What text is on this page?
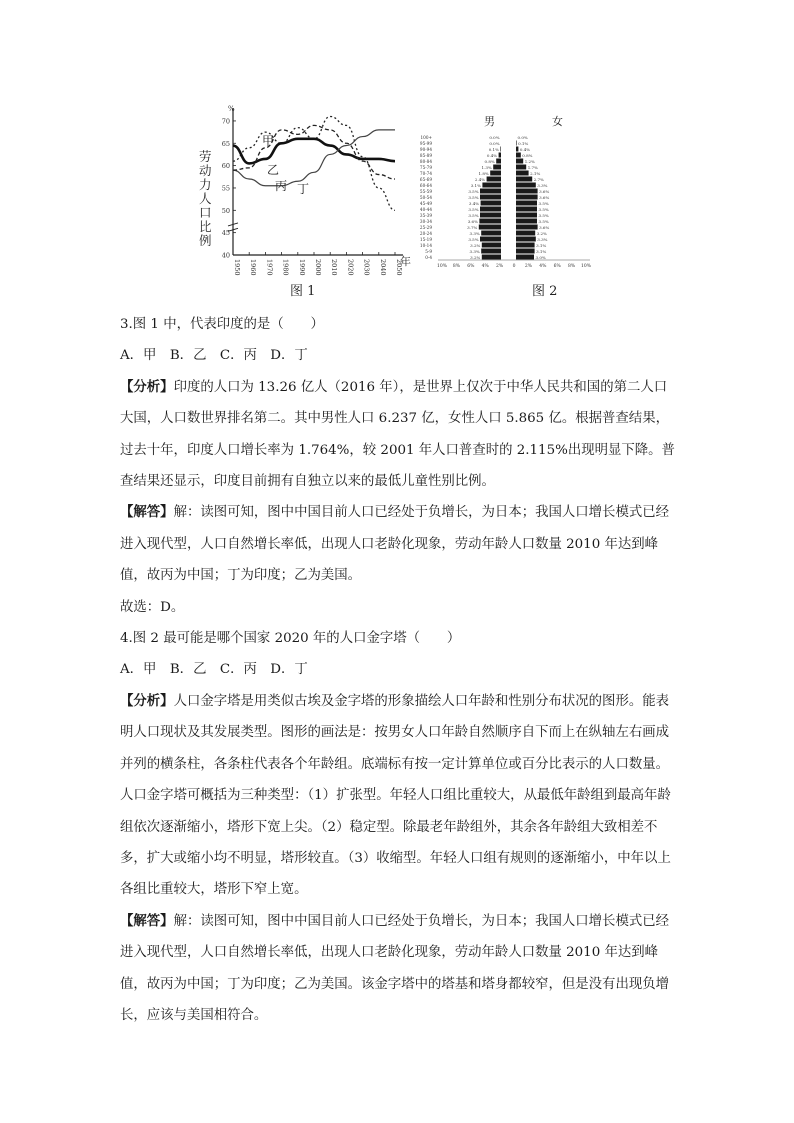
70
65
60
55
50
45
40
1950 1960 1970 1980 1990 2000 2010 2020 2030 2040 2050
%
年
甲
乙
丙 丁
劳动力人口比例
图 1
0-4	3.2%	3.0%
5-9	3.3%	3.1%
10-14	3.2%	3.1%
15-19	3.5%	3.3%
20-24	3.3%	3.2%
25-29	3.7%	3.6%
30-34	3.6%	3.5%
35-39	3.5%	3.5%
40-44	3.5%	3.5%
45-49	3.4%	3.5%
50-54	3.5%	3.6%
55-59	3.5%	3.6%
60-64	3.1%	3.3%
65-69	2.4%	2.7%
70-74	1.8%	2.1%
75-79	1.3%	1.7%
80-84	0.8%	1.2%
85-89	0.4%	0.8%
90-94	0.1%	0.4%
95-99	0.0%	0.1%
100+	0.0%	0.0%
10% 8% 6% 4% 2% 0 2% 4% 6% 8% 10%
男	女
图 2

3.图 1 中，代表印度的是（　　）

A．甲　B．乙　C．丙　D．丁

【分析】印度的人口为 13.26 亿人（2016 年），是世界上仅次于中华人民共和国的第二人口大国，人口数世界排名第二。其中男性人口 6.237 亿，女性人口 5.865 亿。根据普查结果，过去十年，印度人口增长率为 1.764%，较 2001 年人口普查时的 2.115%出现明显下降。普查结果还显示，印度目前拥有自独立以来的最低儿童性别比例。

【解答】解：读图可知，图中中国目前人口已经处于负增长，为日本；我国人口增长模式已经进入现代型，人口自然增长率低，出现人口老龄化现象，劳动年龄人口数量 2010 年达到峰值，故丙为中国；丁为印度；乙为美国。

故选：D。

4.图 2 最可能是哪个国家 2020 年的人口金字塔（　　）

A．甲　B．乙　C．丙　D．丁

【分析】人口金字塔是用类似古埃及金字塔的形象描绘人口年龄和性别分布状况的图形。能表明人口现状及其发展类型。图形的画法是：按男女人口年龄自然顺序自下而上在纵轴左右画成并列的横条柱，各条柱代表各个年龄组。底端标有按一定计算单位或百分比表示的人口数量。人口金字塔可概括为三种类型：（1）扩张型。年轻人口组比重较大，从最低年龄组到最高年龄组依次逐渐缩小，塔形下宽上尖。（2）稳定型。除最老年龄组外，其余各年龄组大致相差不多，扩大或缩小均不明显，塔形较直。（3）收缩型。年轻人口组有规则的逐渐缩小，中年以上各组比重较大，塔形下窄上宽。

【解答】解：读图可知，图中中国目前人口已经处于负增长，为日本；我国人口增长模式已经进入现代型，人口自然增长率低，出现人口老龄化现象，劳动年龄人口数量 2010 年达到峰值，故丙为中国；丁为印度；乙为美国。该金字塔中的塔基和塔身都较窄，但是没有出现负增长，应该与美国相符合。
